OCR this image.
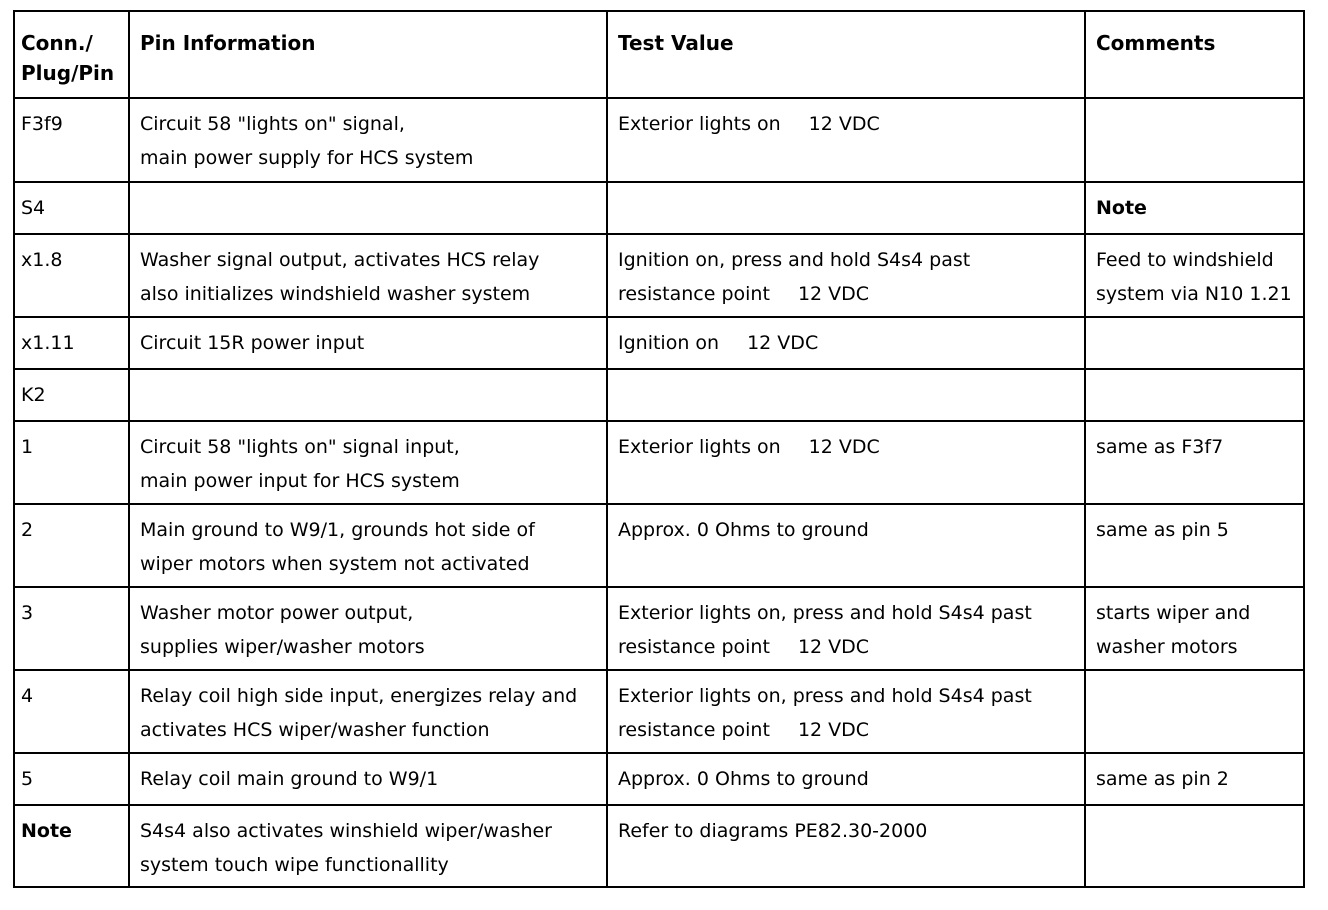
Conn./
Plug/Pin	Pin Information	Test Value	Comments

F3f9	Circuit 58 "lights on" signal,
main power supply for HCS system	Exterior lights on 12 VDC	

S4			Note

x1.8	Washer signal output, activates HCS relay
also initializes windshield washer system	Ignition on, press and hold S4s4 past
resistance point 12 VDC	Feed to windshield
system via N10 1.21

x1.11	Circuit 15R power input	Ignition on 12 VDC	

K2			

1	Circuit 58 "lights on" signal input,
main power input for HCS system	Exterior lights on 12 VDC	same as F3f7

2	Main ground to W9/1, grounds hot side of
wiper motors when system not activated	Approx. 0 Ohms to ground	same as pin 5

3	Washer motor power output,
supplies wiper/washer motors	Exterior lights on, press and hold S4s4 past
resistance point 12 VDC	starts wiper and
washer motors

4	Relay coil high side input, energizes relay and
activates HCS wiper/washer function	Exterior lights on, press and hold S4s4 past
resistance point 12 VDC	

5	Relay coil main ground to W9/1	Approx. 0 Ohms to ground	same as pin 2

Note	S4s4 also activates winshield wiper/washer
system touch wipe functionallity	Refer to diagrams PE82.30-2000	
